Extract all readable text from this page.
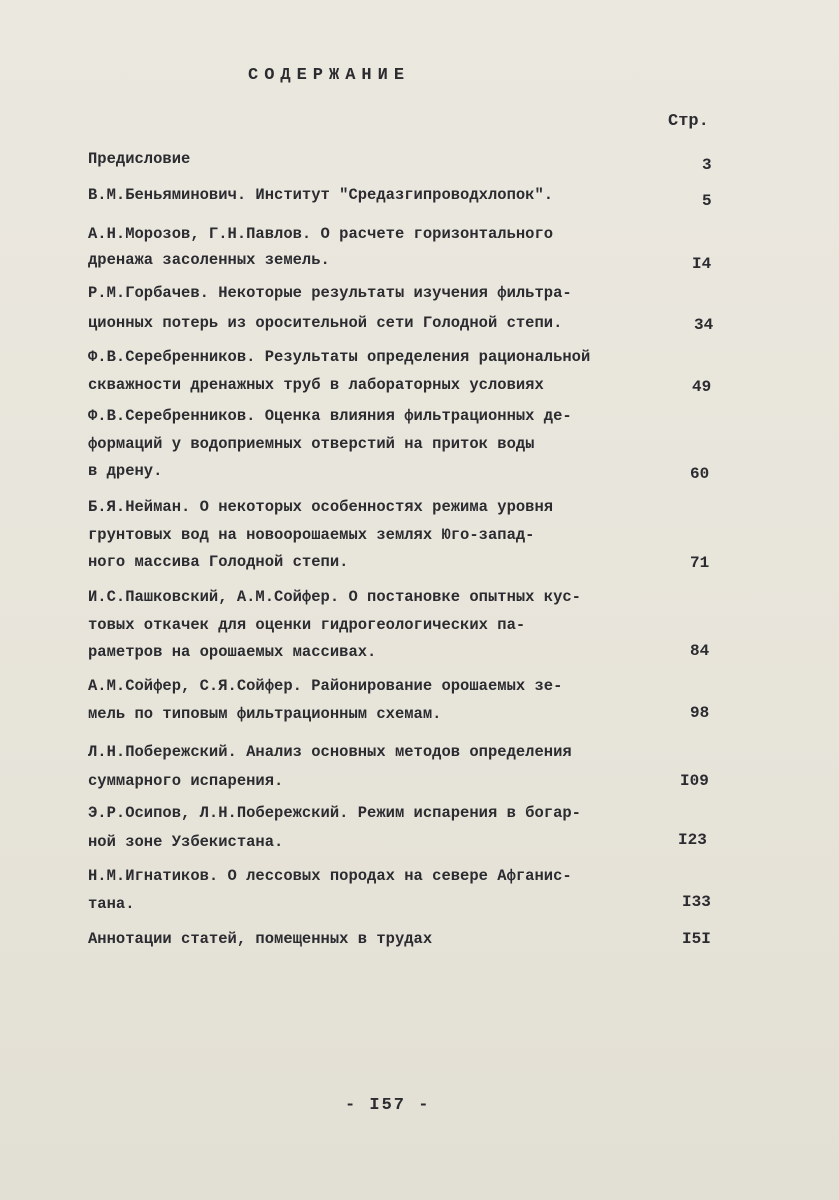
СОДЕРЖАНИЕ
Стр.
Предисловие	3
В.М.Беньяминович. Институт "Средазгипроводхлопок".	5
А.Н.Морозов, Г.Н.Павлов. О расчете горизонтального
дренажа засоленных земель.	I4
Р.М.Горбачев. Некоторые результаты изучения фильтра-
ционных потерь из оросительной сети Голодной степи.	34
Ф.В.Серебренников. Результаты определения рациональной
скважности дренажных труб в лабораторных условиях	49
Ф.В.Серебренников. Оценка влияния фильтрационных де-
формаций у водоприемных отверстий на приток воды
в дрену.	60
Б.Я.Нейман. О некоторых особенностях режима уровня
грунтовых вод на новоорошаемых землях Юго-запад-
ного массива Голодной степи.	71
И.С.Пашковский, А.М.Сойфер. О постановке опытных кус-
товых откачек для оценки гидрогеологических па-
раметров на орошаемых массивах.	84
А.М.Сойфер, С.Я.Сойфер. Районирование орошаемых зе-
мель по типовым фильтрационным схемам.	98
Л.Н.Побережский. Анализ основных методов определения
суммарного испарения.	I09
Э.Р.Осипов, Л.Н.Побережский. Режим испарения в богар-
ной зоне Узбекистана.	I23
Н.М.Игнатиков. О лессовых породах на севере Афганис-
тана.	I33
Аннотации статей, помещенных в трудах	I5I
- I57 -
